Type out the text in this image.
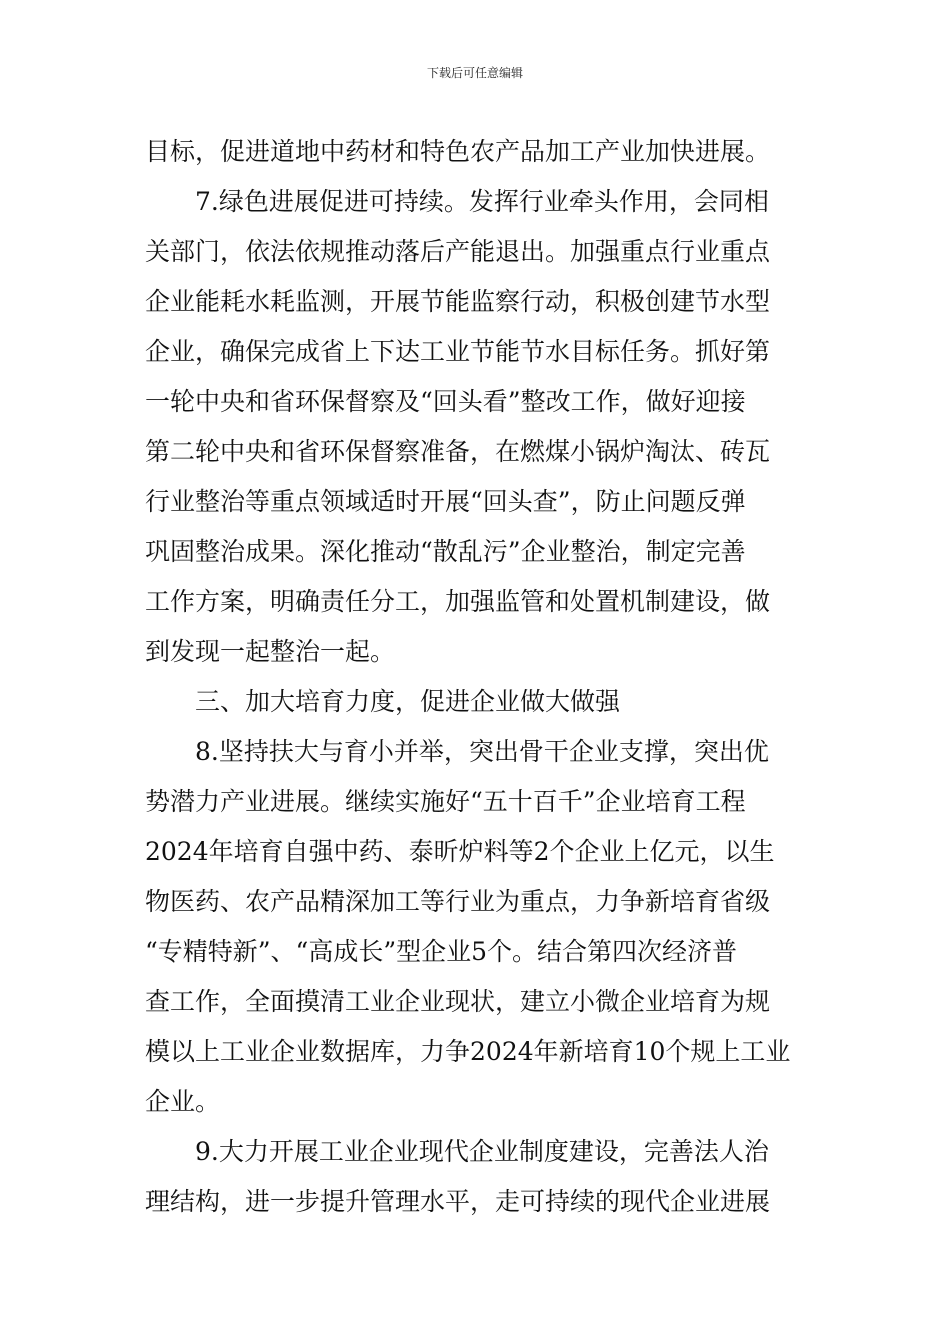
下载后可任意编辑
目标，促进道地中药材和特色农产品加工产业加快进展。
7.绿色进展促进可持续。发挥行业牵头作用，会同相
关部门，依法依规推动落后产能退出。加强重点行业重点
企业能耗水耗监测，开展节能监察行动，积极创建节水型
企业，确保完成省上下达工业节能节水目标任务。抓好第
一轮中央和省环保督察及“回头看”整改工作，做好迎接
第二轮中央和省环保督察准备，在燃煤小锅炉淘汰、砖瓦
行业整治等重点领域适时开展“回头查”，防止问题反弹
巩固整治成果。深化推动“散乱污”企业整治，制定完善
工作方案，明确责任分工，加强监管和处置机制建设，做
到发现一起整治一起。
三、加大培育力度，促进企业做大做强
8.坚持扶大与育小并举，突出骨干企业支撑，突出优
势潜力产业进展。继续实施好“五十百千”企业培育工程
2024年培育自强中药、泰昕炉料等2个企业上亿元，以生
物医药、农产品精深加工等行业为重点，力争新培育省级
“专精特新”、“高成长”型企业5个。结合第四次经济普
查工作，全面摸清工业企业现状，建立小微企业培育为规
模以上工业企业数据库，力争2024年新培育10个规上工业
企业。
9.大力开展工业企业现代企业制度建设，完善法人治
理结构，进一步提升管理水平，走可持续的现代企业进展
